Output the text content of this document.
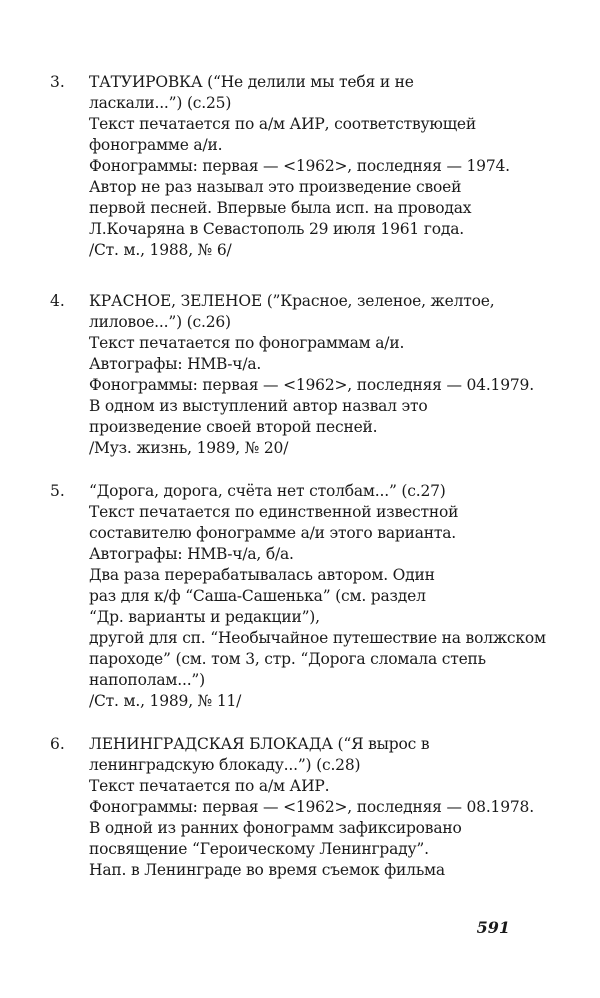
3. ТАТУИРОВКА (“Не делили мы тебя и не
ласкали...”) (с.25)
Текст печатается по а/м АИР, соответствующей
фонограмме а/и.
Фонограммы: первая — <1962>, последняя — 1974.
Автор не раз называл это произведение своей
первой песней. Впервые была исп. на проводах
Л.Кочаряна в Севастополь 29 июля 1961 года.
/Ст. м., 1988, № 6/
4. КРАСНОЕ, ЗЕЛЕНОЕ (”Красное, зеленое, желтое,
лиловое...”) (с.26)
Текст печатается по фонограммам а/и.
Автографы: НМВ-ч/а.
Фонограммы: первая — <1962>, последняя — 04.1979.
В одном из выступлений автор назвал это
произведение своей второй песней.
/Муз. жизнь, 1989, № 20/
5. “Дорога, дорога, счёта нет столбам...” (с.27)
Текст печатается по единственной известной
составителю фонограмме а/и этого варианта.
Автографы: НМВ-ч/а, б/а.
Два раза перерабатывалась автором. Один
раз для к/ф “Саша-Сашенька” (см. раздел
“Др. варианты и редакции”),
другой для сп. “Необычайное путешествие на волжском
пароходе” (см. том 3, стр. “Дорога сломала степь
напополам...”)
/Ст. м., 1989, № 11/
6. ЛЕНИНГРАДСКАЯ БЛОКАДА (“Я вырос в
ленинградскую блокаду...”) (с.28)
Текст печатается по а/м АИР.
Фонограммы: первая — <1962>, последняя — 08.1978.
В одной из ранних фонограмм зафиксировано
посвящение “Героическому Ленинграду”.
Нап. в Ленинграде во время съемок фильма
591
